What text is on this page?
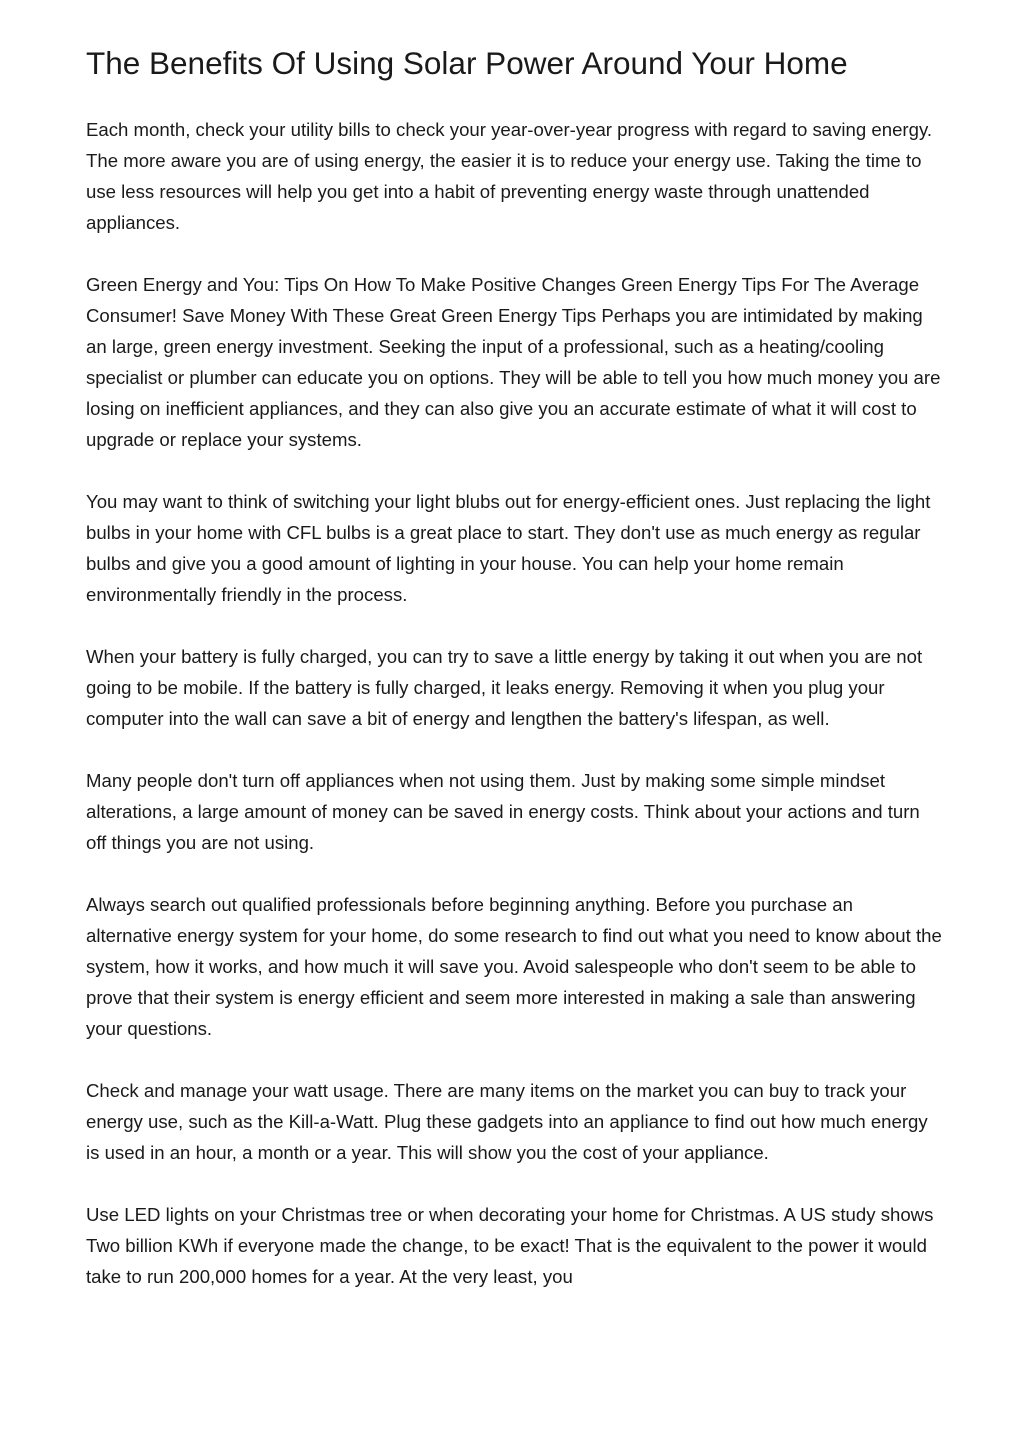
The Benefits Of Using Solar Power Around Your Home

Each month, check your utility bills to check your year-over-year progress with regard to saving energy. The more aware you are of using energy, the easier it is to reduce your energy use. Taking the time to use less resources will help you get into a habit of preventing energy waste through unattended appliances.

Green Energy and You: Tips On How To Make Positive Changes Green Energy Tips For The Average Consumer! Save Money With These Great Green Energy Tips Perhaps you are intimidated by making an large, green energy investment. Seeking the input of a professional, such as a heating/cooling specialist or plumber can educate you on options. They will be able to tell you how much money you are losing on inefficient appliances, and they can also give you an accurate estimate of what it will cost to upgrade or replace your systems.

You may want to think of switching your light blubs out for energy-efficient ones. Just replacing the light bulbs in your home with CFL bulbs is a great place to start. They don't use as much energy as regular bulbs and give you a good amount of lighting in your house. You can help your home remain environmentally friendly in the process.

When your battery is fully charged, you can try to save a little energy by taking it out when you are not going to be mobile. If the battery is fully charged, it leaks energy. Removing it when you plug your computer into the wall can save a bit of energy and lengthen the battery's lifespan, as well.

Many people don't turn off appliances when not using them. Just by making some simple mindset alterations, a large amount of money can be saved in energy costs. Think about your actions and turn off things you are not using.

Always search out qualified professionals before beginning anything. Before you purchase an alternative energy system for your home, do some research to find out what you need to know about the system, how it works, and how much it will save you. Avoid salespeople who don't seem to be able to prove that their system is energy efficient and seem more interested in making a sale than answering your questions.

Check and manage your watt usage. There are many items on the market you can buy to track your energy use, such as the Kill-a-Watt. Plug these gadgets into an appliance to find out how much energy is used in an hour, a month or a year. This will show you the cost of your appliance.

Use LED lights on your Christmas tree or when decorating your home for Christmas. A US study shows Two billion KWh if everyone made the change, to be exact! That is the equivalent to the power it would take to run 200,000 homes for a year. At the very least, you
